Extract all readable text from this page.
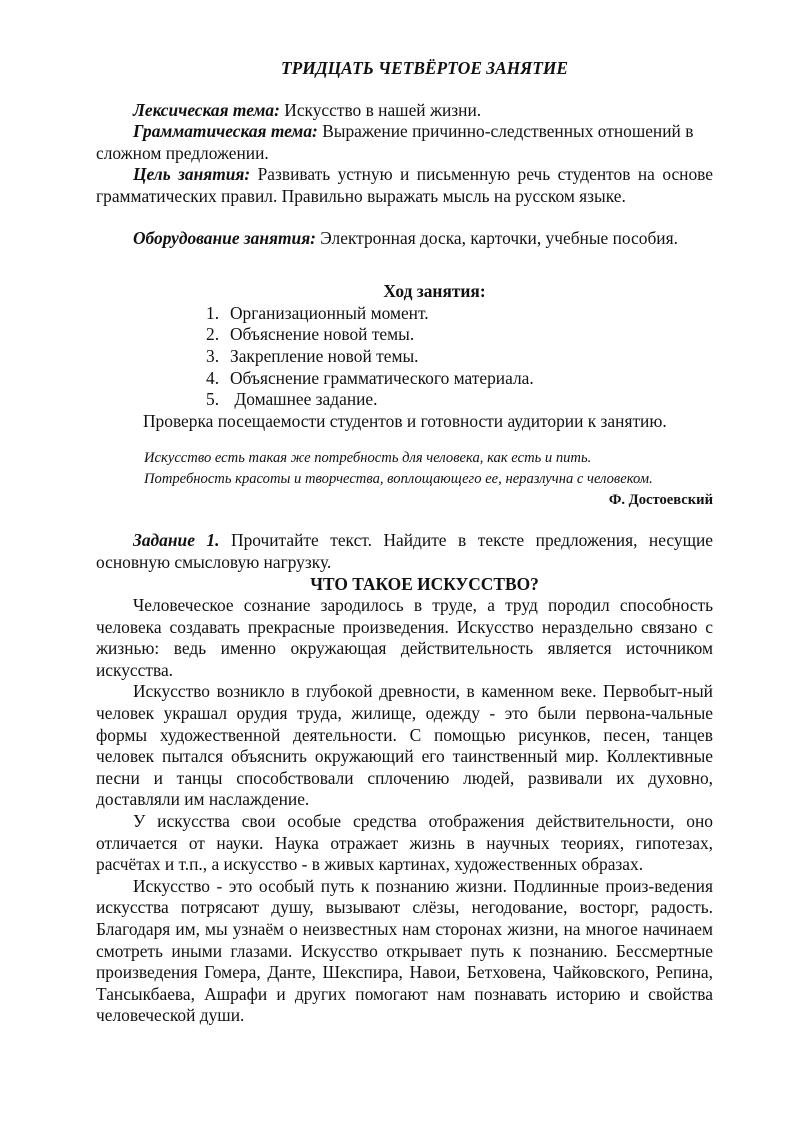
ТРИДЦАТЬ ЧЕТВЁРТОЕ ЗАНЯТИЕ

Лексическая тема: Искусство в нашей жизни.

Грамматическая тема: Выражение причинно-следственных отношений в сложном предложении.

Цель занятия: Развивать устную и письменную речь студентов на основе грамматических правил. Правильно выражать мысль на русском языке.

Оборудование занятия: Электронная доска, карточки, учебные пособия.

Ход занятия:
1. Организационный момент.
2. Объяснение новой темы.
3. Закрепление новой темы.
4. Объяснение грамматического материала.
5. Домашнее задание.
Проверка посещаемости студентов и готовности аудитории к занятию.
Искусство есть такая же потребность для человека, как есть и пить.
Потребность красоты и творчества, воплощающего ее, неразлучна с человеком.
Ф. Достоевский

Задание 1. Прочитайте текст. Найдите в тексте предложения, несущие основную смысловую нагрузку.

ЧТО ТАКОЕ ИСКУССТВО?

Человеческое сознание зародилось в труде, а труд породил способность человека создавать прекрасные произведения. Искусство нераздельно связано с жизнью: ведь именно окружающая действительность является источником искусства.

Искусство возникло в глубокой древности, в каменном веке. Первобыт-ный человек украшал орудия труда, жилище, одежду - это были первона-чальные формы художественной деятельности. С помощью рисунков, песен, танцев человек пытался объяснить окружающий его таинственный мир. Коллективные песни и танцы способствовали сплочению людей, развивали их духовно, доставляли им наслаждение.

У искусства свои особые средства отображения действительности, оно отличается от науки. Наука отражает жизнь в научных теориях, гипотезах, расчётах и т.п., а искусство - в живых картинах, художественных образах.

Искусство - это особый путь к познанию жизни. Подлинные произ-ведения искусства потрясают душу, вызывают слёзы, негодование, восторг, радость. Благодаря им, мы узнаём о неизвестных нам сторонах жизни, на многое начинаем смотреть иными глазами. Искусство открывает путь к познанию. Бессмертные произведения Гомера, Данте, Шекспира, Навои, Бетховена, Чайковского, Репина, Тансыкбаева, Ашрафи и других помогают нам познавать историю и свойства человеческой души.
